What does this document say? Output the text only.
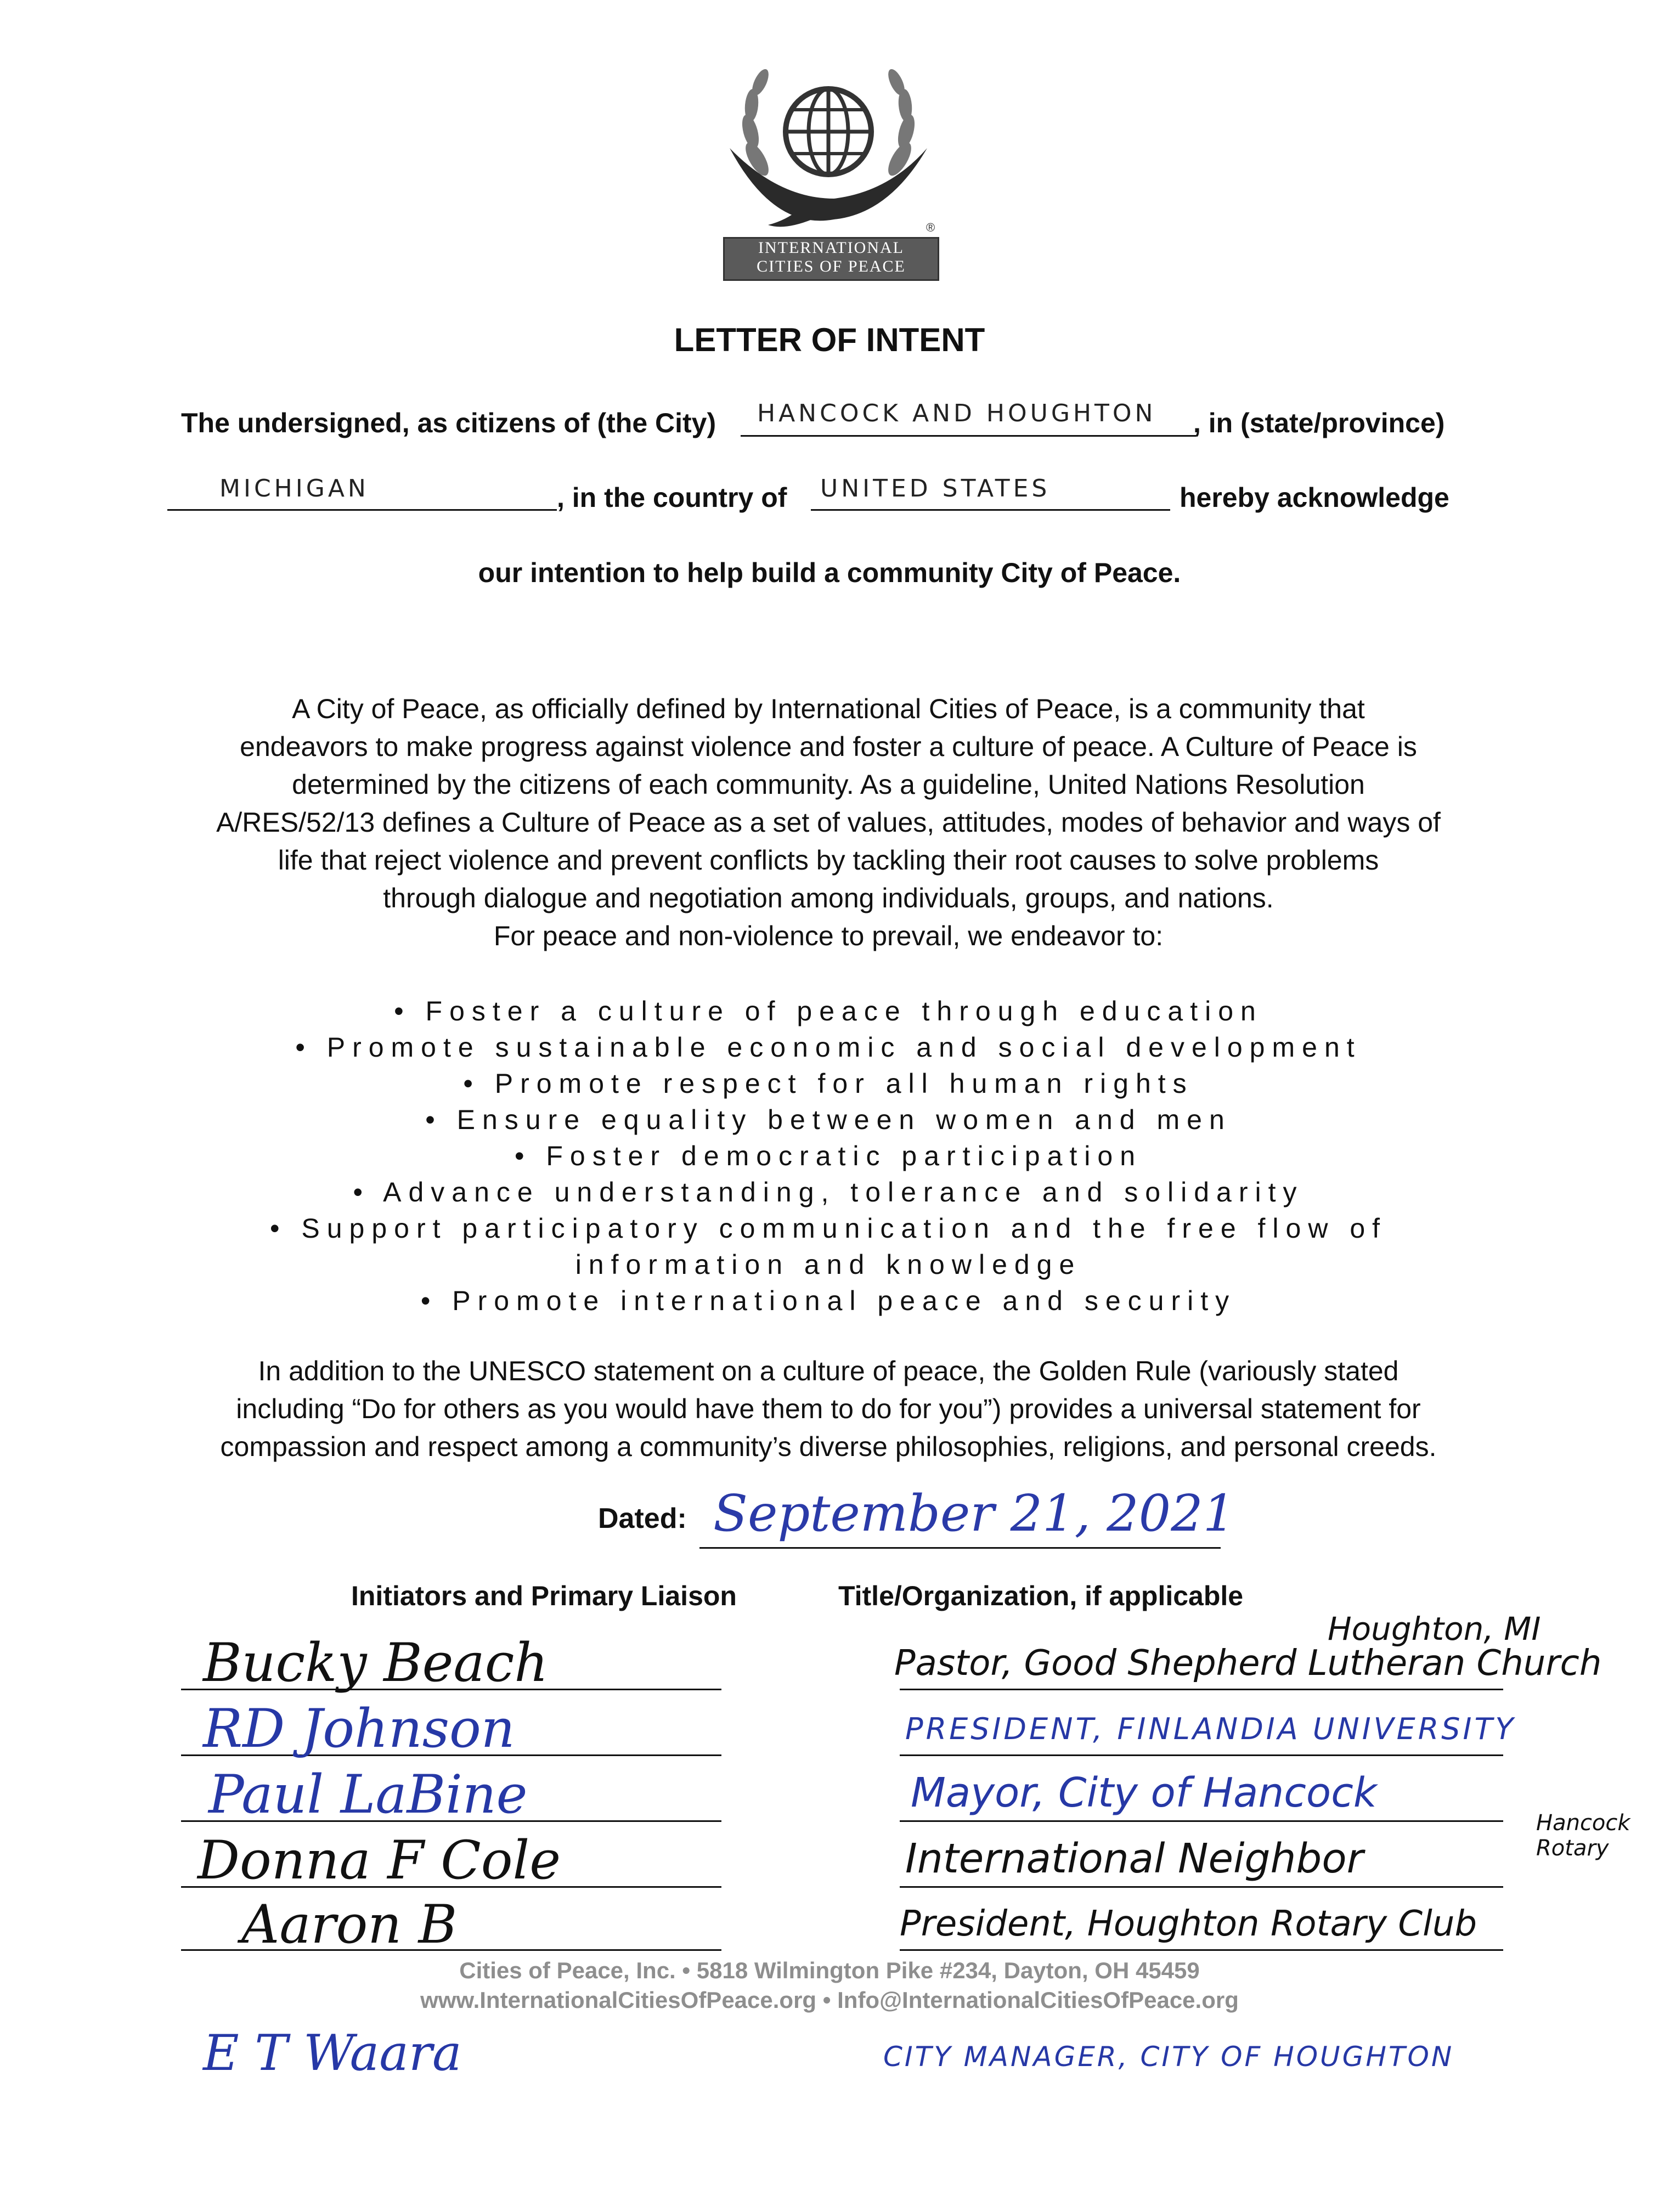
®
INTERNATIONAL
CITIES OF PEACE
LETTER OF INTENT
The undersigned, as citizens of (the City) HANCOCK AND HOUGHTON , in (state/province)
MICHIGAN	, in the country of UNITED STATES	hereby acknowledge
our intention to help build a community City of Peace.
A City of Peace, as officially defined by International Cities of Peace, is a community that
endeavors to make progress against violence and foster a culture of peace. A Culture of Peace is
determined by the citizens of each community. As a guideline, United Nations Resolution
A/RES/52/13 defines a Culture of Peace as a set of values, attitudes, modes of behavior and ways of
life that reject violence and prevent conflicts by tackling their root causes to solve problems
through dialogue and negotiation among individuals, groups, and nations.
For peace and non-violence to prevail, we endeavor to:
• Foster a culture of peace through education
• Promote sustainable economic and social development
• Promote respect for all human rights
• Ensure equality between women and men
• Foster democratic participation
• Advance understanding, tolerance and solidarity
• Support participatory communication and the free flow of
information and knowledge
• Promote international peace and security
In addition to the UNESCO statement on a culture of peace, the Golden Rule (variously stated
including “Do for others as you would have them to do for you”) provides a universal statement for
compassion and respect among a community’s diverse philosophies, religions, and personal creeds.
Dated: September 21, 2021
Initiators and Primary Liaison	Title/Organization, if applicable
Bucky Beach	Pastor, Good Shepherd Lutheran Church
Houghton, MI
RD Johnson	PRESIDENT, FINLANDIA UNIVERSITY
Paul LaBine	Mayor, City of Hancock
Donna F Cole	International Neighbor
Hancock Rotary
Aaron B	President, Houghton Rotary Club
Cities of Peace, Inc. • 5818 Wilmington Pike #234, Dayton, OH 45459
www.InternationalCitiesOfPeace.org • Info@InternationalCitiesOfPeace.org
E T Waara	CITY MANAGER, CITY OF HOUGHTON
